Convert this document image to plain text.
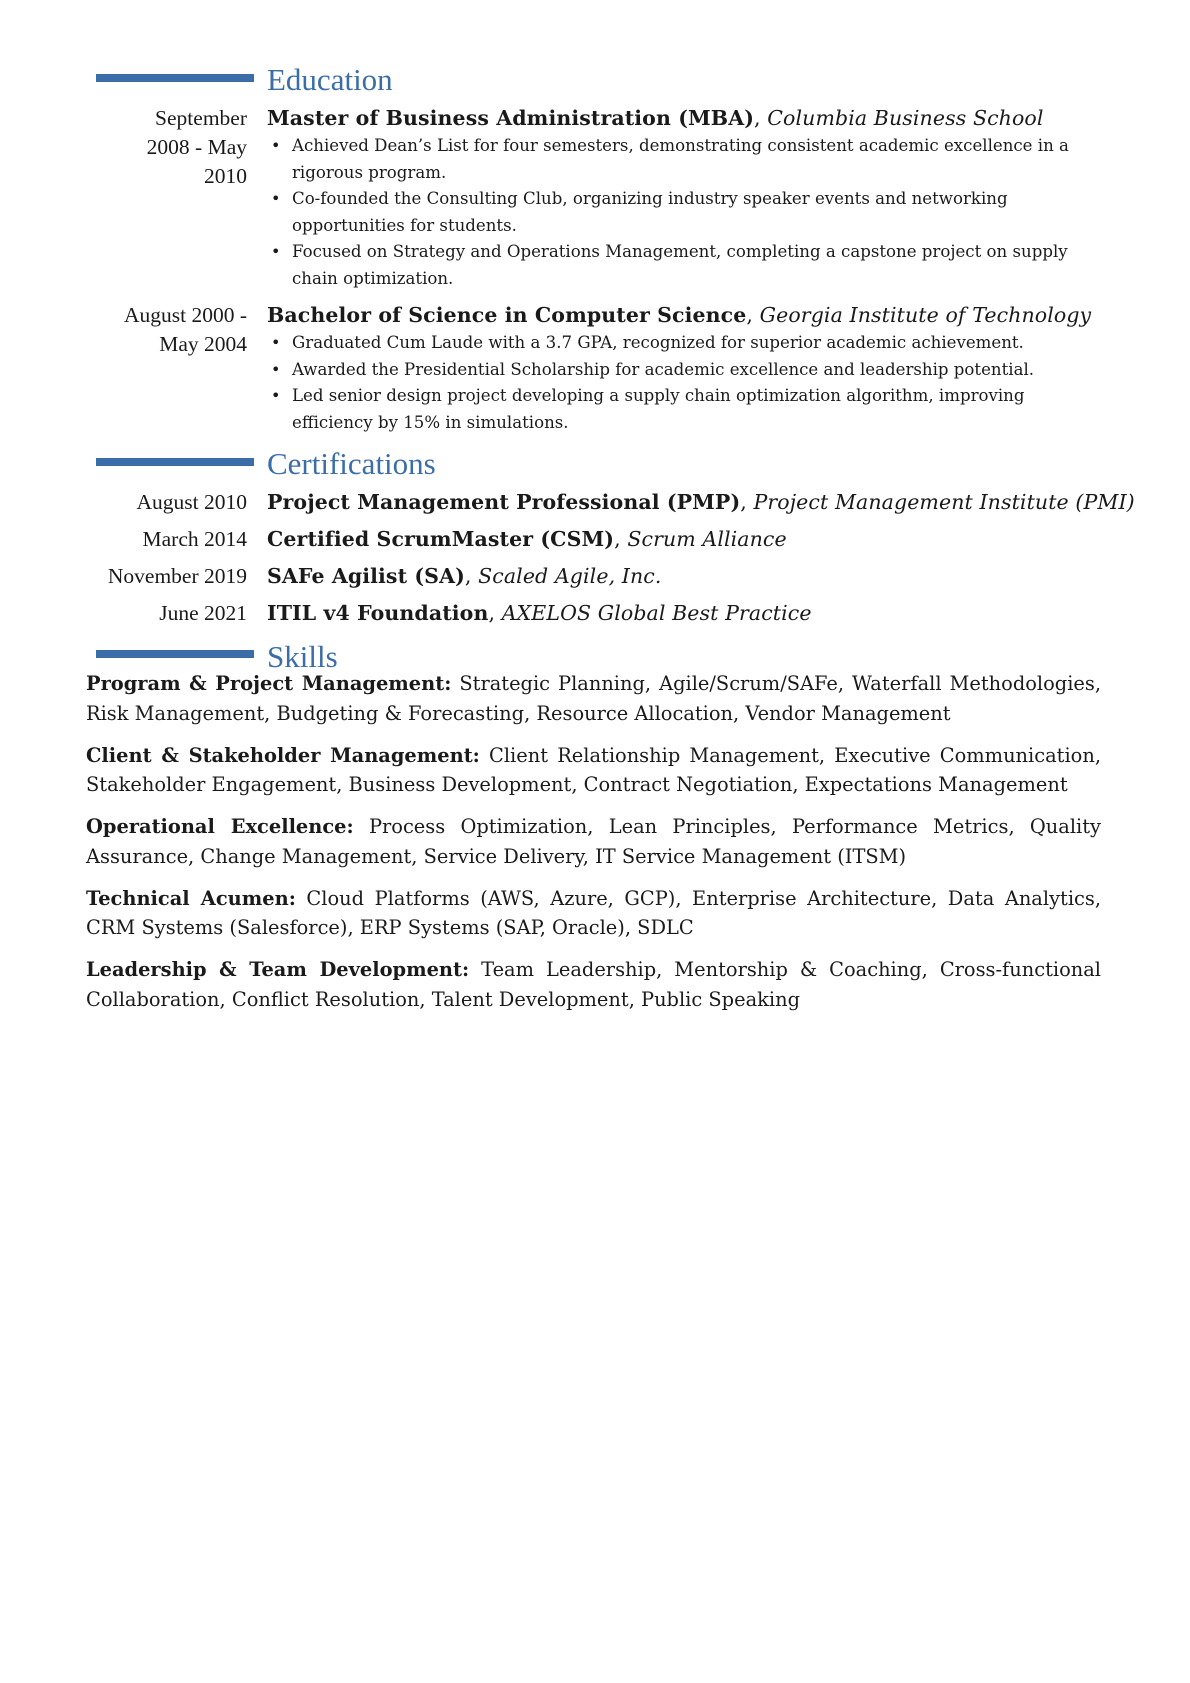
Education
September
2008 - May
2010
Master of Business Administration (MBA), Columbia Business School
• Achieved Dean’s List for four semesters, demonstrating consistent academic excellence in a rigorous program.
• Co-founded the Consulting Club, organizing industry speaker events and networking opportunities for students.
• Focused on Strategy and Operations Management, completing a capstone project on supply chain optimization.
August 2000 -
May 2004
Bachelor of Science in Computer Science, Georgia Institute of Technology
• Graduated Cum Laude with a 3.7 GPA, recognized for superior academic achievement.
• Awarded the Presidential Scholarship for academic excellence and leadership potential.
• Led senior design project developing a supply chain optimization algorithm, improving efficiency by 15% in simulations.
Certifications
August 2010 Project Management Professional (PMP), Project Management Institute (PMI)
March 2014 Certified ScrumMaster (CSM), Scrum Alliance
November 2019 SAFe Agilist (SA), Scaled Agile, Inc.
June 2021 ITIL v4 Foundation, AXELOS Global Best Practice
Skills
Program & Project Management: Strategic Planning, Agile/Scrum/SAFe, Waterfall Methodologies, Risk Management, Budgeting & Forecasting, Resource Allocation, Vendor Management
Client & Stakeholder Management: Client Relationship Management, Executive Communication, Stakeholder Engagement, Business Development, Contract Negotiation, Expectations Management
Operational Excellence: Process Optimization, Lean Principles, Performance Metrics, Quality Assurance, Change Management, Service Delivery, IT Service Management (ITSM)
Technical Acumen: Cloud Platforms (AWS, Azure, GCP), Enterprise Architecture, Data Analytics, CRM Systems (Salesforce), ERP Systems (SAP, Oracle), SDLC
Leadership & Team Development: Team Leadership, Mentorship & Coaching, Cross-functional Collaboration, Conflict Resolution, Talent Development, Public Speaking
